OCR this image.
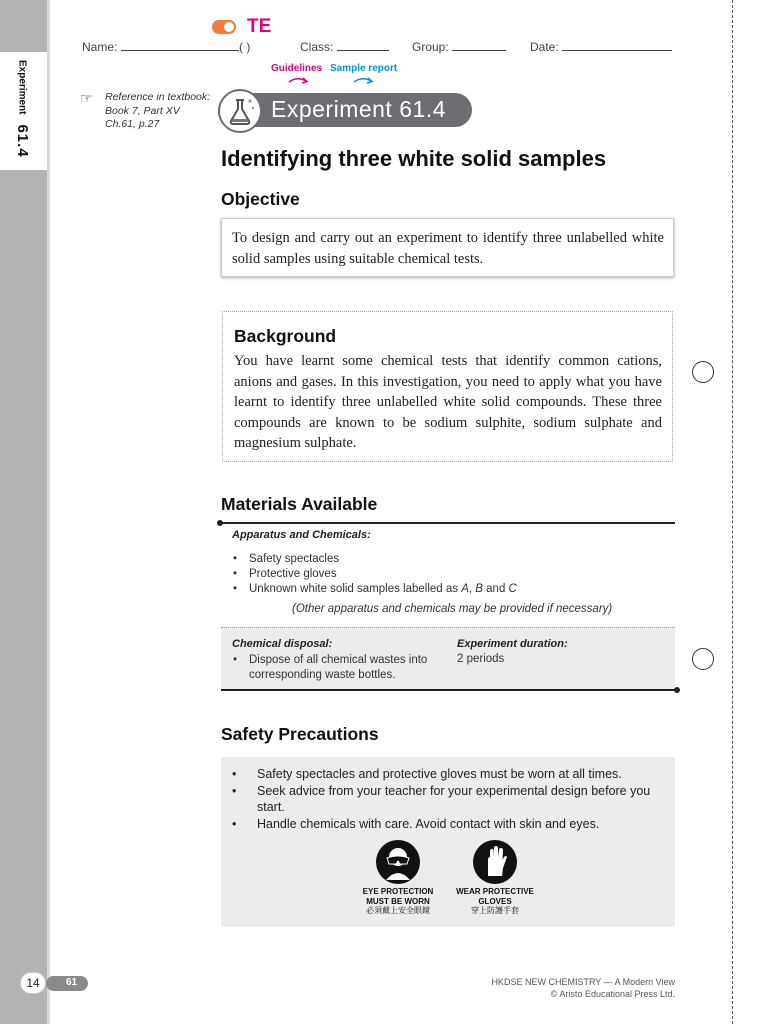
Experiment61.4
TE
Name:	( )	Class:	Group:	Date:
Guidelines Sample report
☞ Reference in textbook:
Book 7, Part XV
Ch.61, p.27
Experiment 61.4
Identifying three white solid samples
Objective
To design and carry out an experiment to identify three unlabelled white solid samples using suitable chemical tests.
Background
You have learnt some chemical tests that identify common cations, anions and gases. In this investigation, you need to apply what you have learnt to identify three unlabelled white solid compounds. These three compounds are known to be sodium sulphite, sodium sulphate and magnesium sulphate.
Materials Available
Apparatus and Chemicals:
• Safety spectacles
• Protective gloves
• Unknown white solid samples labelled as A, B and C
(Other apparatus and chemicals may be provided if necessary)
Chemical disposal:
• Dispose of all chemical wastes into corresponding waste bottles.
Experiment duration:
2 periods
Safety Precautions
• Safety spectacles and protective gloves must be worn at all times.
• Seek advice from your teacher for your experimental design before you start.
• Handle chemicals with care. Avoid contact with skin and eyes.
EYE PROTECTION
MUST BE WORN
必須戴上安全眼鏡
WEAR PROTECTIVE
GLOVES
穿上防護手套
61
14	HKDSE NEW CHEMISTRY — A Modern View
© Aristo Educational Press Ltd.
